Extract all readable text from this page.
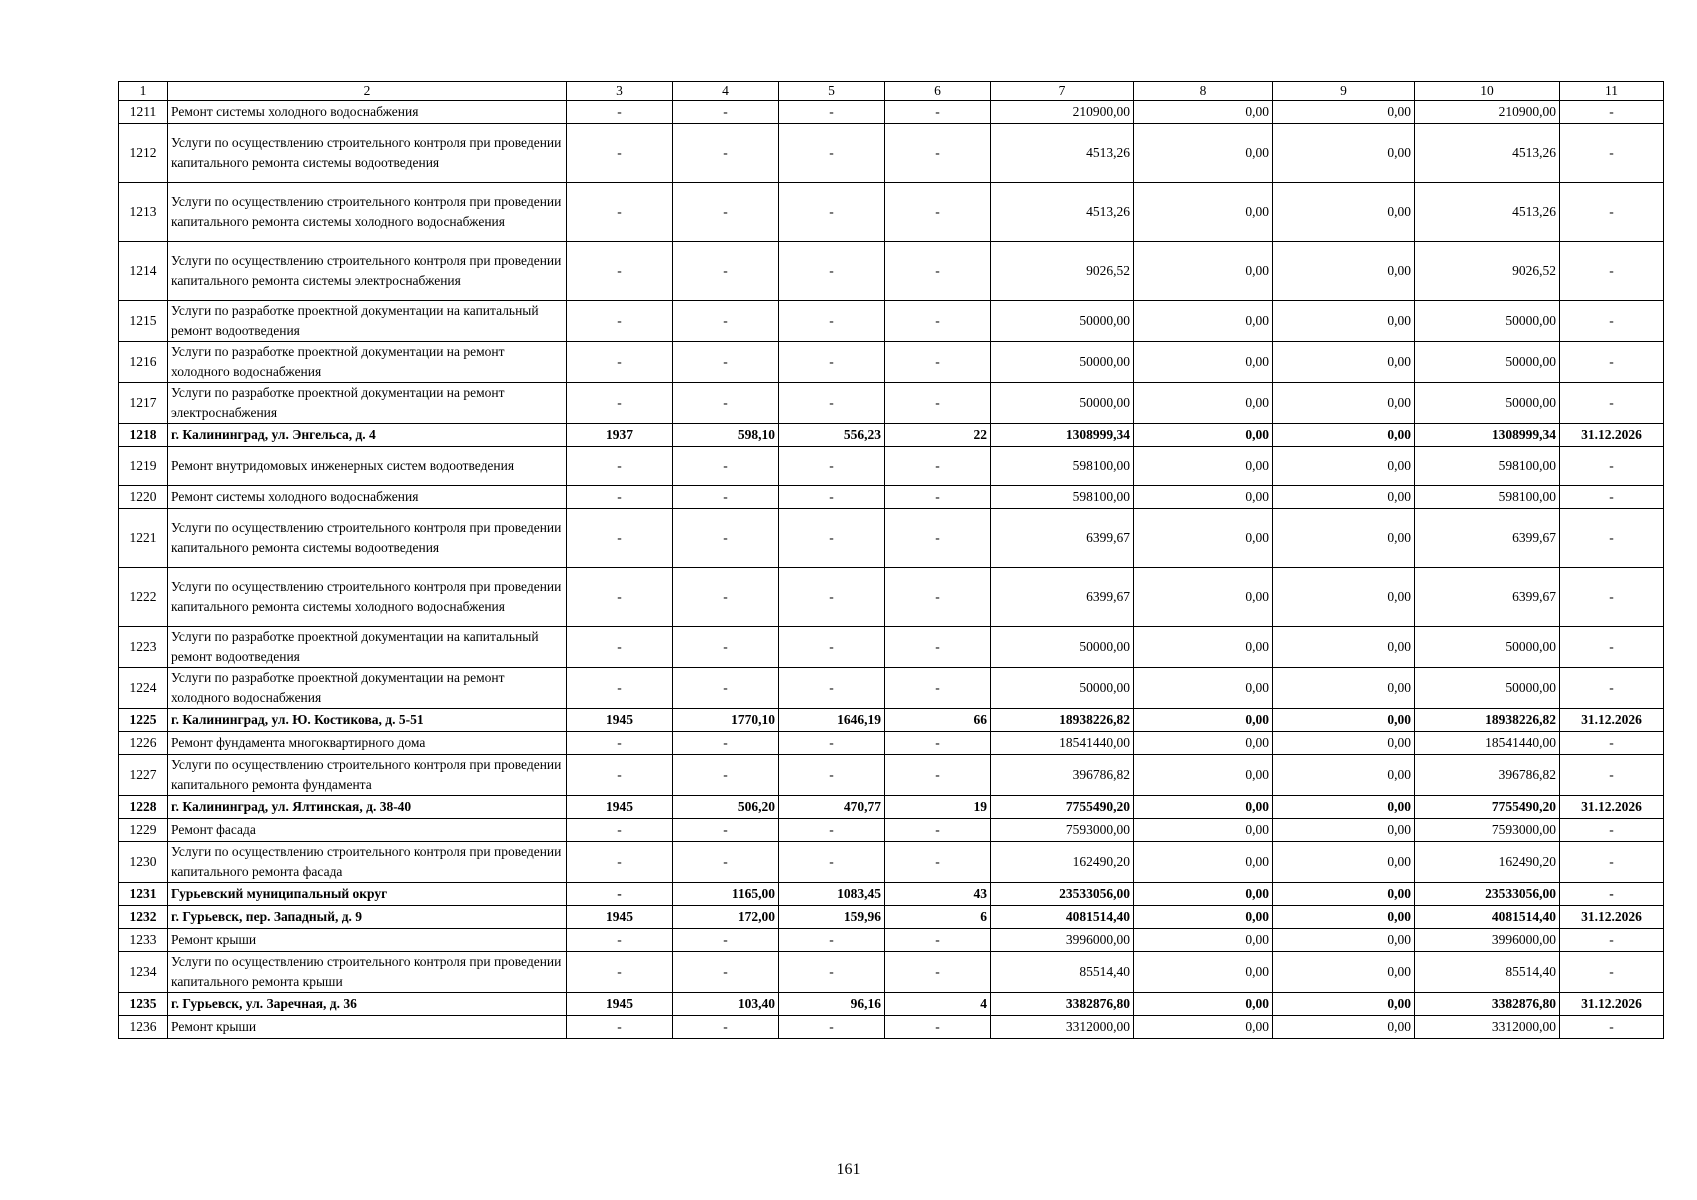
1	2	3	4	5	6	7	8	9	10	11
1211	Ремонт системы холодного водоснабжения	-	-	-	-	210900,00	0,00	0,00	210900,00	-
1212	Услуги по осуществлению строительного контроля при проведении капитального ремонта системы водоотведения	-	-	-	-	4513,26	0,00	0,00	4513,26	-
1213	Услуги по осуществлению строительного контроля при проведении капитального ремонта системы холодного водоснабжения	-	-	-	-	4513,26	0,00	0,00	4513,26	-
1214	Услуги по осуществлению строительного контроля при проведении капитального ремонта системы электроснабжения	-	-	-	-	9026,52	0,00	0,00	9026,52	-
1215	Услуги по разработке проектной документации на капитальный ремонт водоотведения	-	-	-	-	50000,00	0,00	0,00	50000,00	-
1216	Услуги по разработке проектной документации на ремонт холодного водоснабжения	-	-	-	-	50000,00	0,00	0,00	50000,00	-
1217	Услуги по разработке проектной документации на ремонт электроснабжения	-	-	-	-	50000,00	0,00	0,00	50000,00	-
1218	г. Калининград, ул. Энгельса, д. 4	1937	598,10	556,23	22	1308999,34	0,00	0,00	1308999,34	31.12.2026
1219	Ремонт внутридомовых инженерных систем водоотведения	-	-	-	-	598100,00	0,00	0,00	598100,00	-
1220	Ремонт системы холодного водоснабжения	-	-	-	-	598100,00	0,00	0,00	598100,00	-
1221	Услуги по осуществлению строительного контроля при проведении капитального ремонта системы водоотведения	-	-	-	-	6399,67	0,00	0,00	6399,67	-
1222	Услуги по осуществлению строительного контроля при проведении капитального ремонта системы холодного водоснабжения	-	-	-	-	6399,67	0,00	0,00	6399,67	-
1223	Услуги по разработке проектной документации на капитальный ремонт водоотведения	-	-	-	-	50000,00	0,00	0,00	50000,00	-
1224	Услуги по разработке проектной документации на ремонт холодного водоснабжения	-	-	-	-	50000,00	0,00	0,00	50000,00	-
1225	г. Калининград, ул. Ю. Костикова, д. 5-51	1945	1770,10	1646,19	66	18938226,82	0,00	0,00	18938226,82	31.12.2026
1226	Ремонт фундамента многоквартирного дома	-	-	-	-	18541440,00	0,00	0,00	18541440,00	-
1227	Услуги по осуществлению строительного контроля при проведении капитального ремонта фундамента	-	-	-	-	396786,82	0,00	0,00	396786,82	-
1228	г. Калининград, ул. Ялтинская, д. 38-40	1945	506,20	470,77	19	7755490,20	0,00	0,00	7755490,20	31.12.2026
1229	Ремонт фасада	-	-	-	-	7593000,00	0,00	0,00	7593000,00	-
1230	Услуги по осуществлению строительного контроля при проведении капитального ремонта фасада	-	-	-	-	162490,20	0,00	0,00	162490,20	-
1231	Гурьевский муниципальный округ	-	1165,00	1083,45	43	23533056,00	0,00	0,00	23533056,00	-
1232	г. Гурьевск, пер. Западный, д. 9	1945	172,00	159,96	6	4081514,40	0,00	0,00	4081514,40	31.12.2026
1233	Ремонт крыши	-	-	-	-	3996000,00	0,00	0,00	3996000,00	-
1234	Услуги по осуществлению строительного контроля при проведении капитального ремонта крыши	-	-	-	-	85514,40	0,00	0,00	85514,40	-
1235	г. Гурьевск, ул. Заречная, д. 36	1945	103,40	96,16	4	3382876,80	0,00	0,00	3382876,80	31.12.2026
1236	Ремонт крыши	-	-	-	-	3312000,00	0,00	0,00	3312000,00	-
161
